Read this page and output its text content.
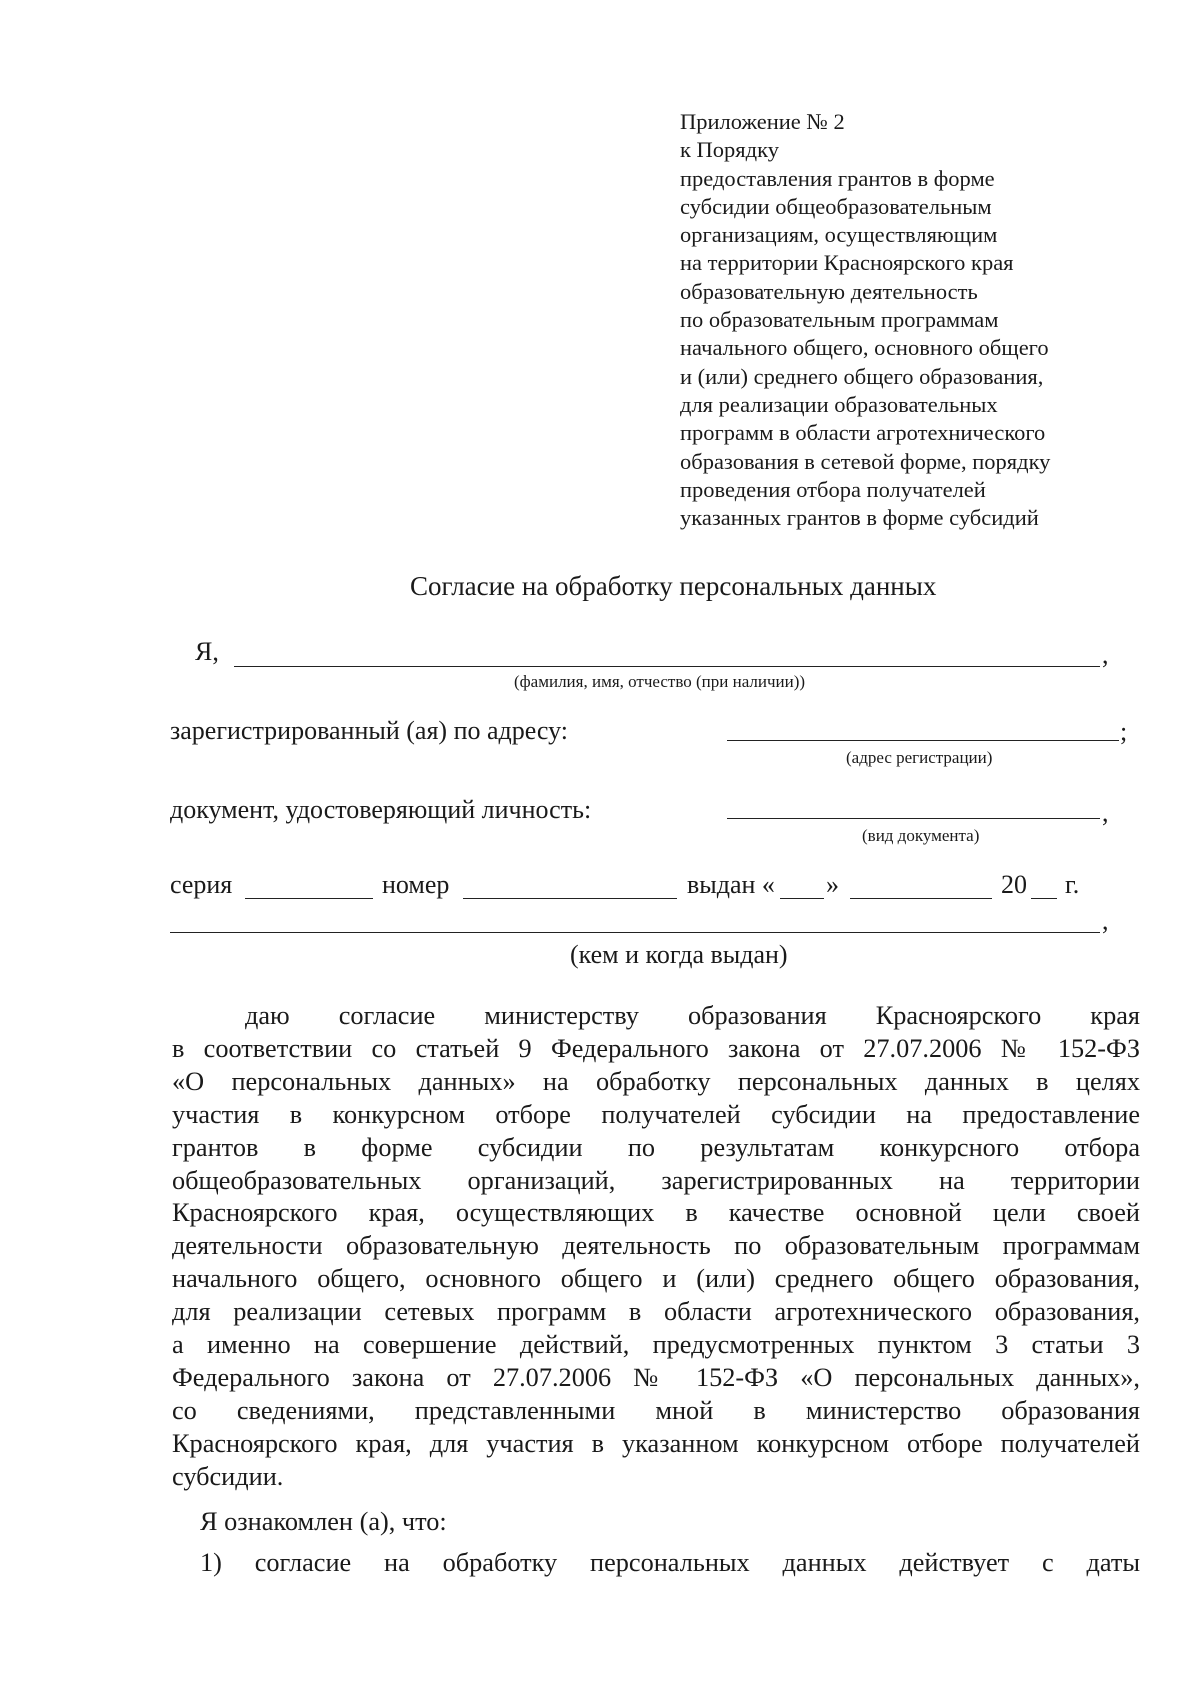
Приложение № 2
к Порядку
предоставления грантов в форме
субсидии общеобразовательным
организациям, осуществляющим
на территории Красноярского края
образовательную деятельность
по образовательным программам
начального общего, основного общего
и (или) среднего общего образования,
для реализации образовательных
программ в области агротехнического
образования в сетевой форме, порядку
проведения отбора получателей
указанных грантов в форме субсидий
Согласие на обработку персональных данных
Я,	,
(фамилия, имя, отчество (при наличии))
зарегистрированный (ая) по адресу:	;
(адрес регистрации)
документ, удостоверяющий личность:	,
(вид документа)
серия	номер	выдан « »	20 г.
,
(кем и когда выдан)
даю согласие министерству образования Красноярского края
в соответствии со статьей 9 Федерального закона от 27.07.2006 № 152-ФЗ
«О персональных данных» на обработку персональных данных в целях
участия в конкурсном отборе получателей субсидии на предоставление
грантов в форме субсидии по результатам конкурсного отбора
общеобразовательных организаций, зарегистрированных на территории
Красноярского края, осуществляющих в качестве основной цели своей
деятельности образовательную деятельность по образовательным программам
начального общего, основного общего и (или) среднего общего образования,
для реализации сетевых программ в области агротехнического образования,
а именно на совершение действий, предусмотренных пунктом 3 статьи 3
Федерального закона от 27.07.2006 № 152-ФЗ «О персональных данных»,
со сведениями, представленными мной в министерство образования
Красноярского края, для участия в указанном конкурсном отборе получателей
субсидии.
Я ознакомлен (а), что:
1) согласие на обработку персональных данных действует с даты
